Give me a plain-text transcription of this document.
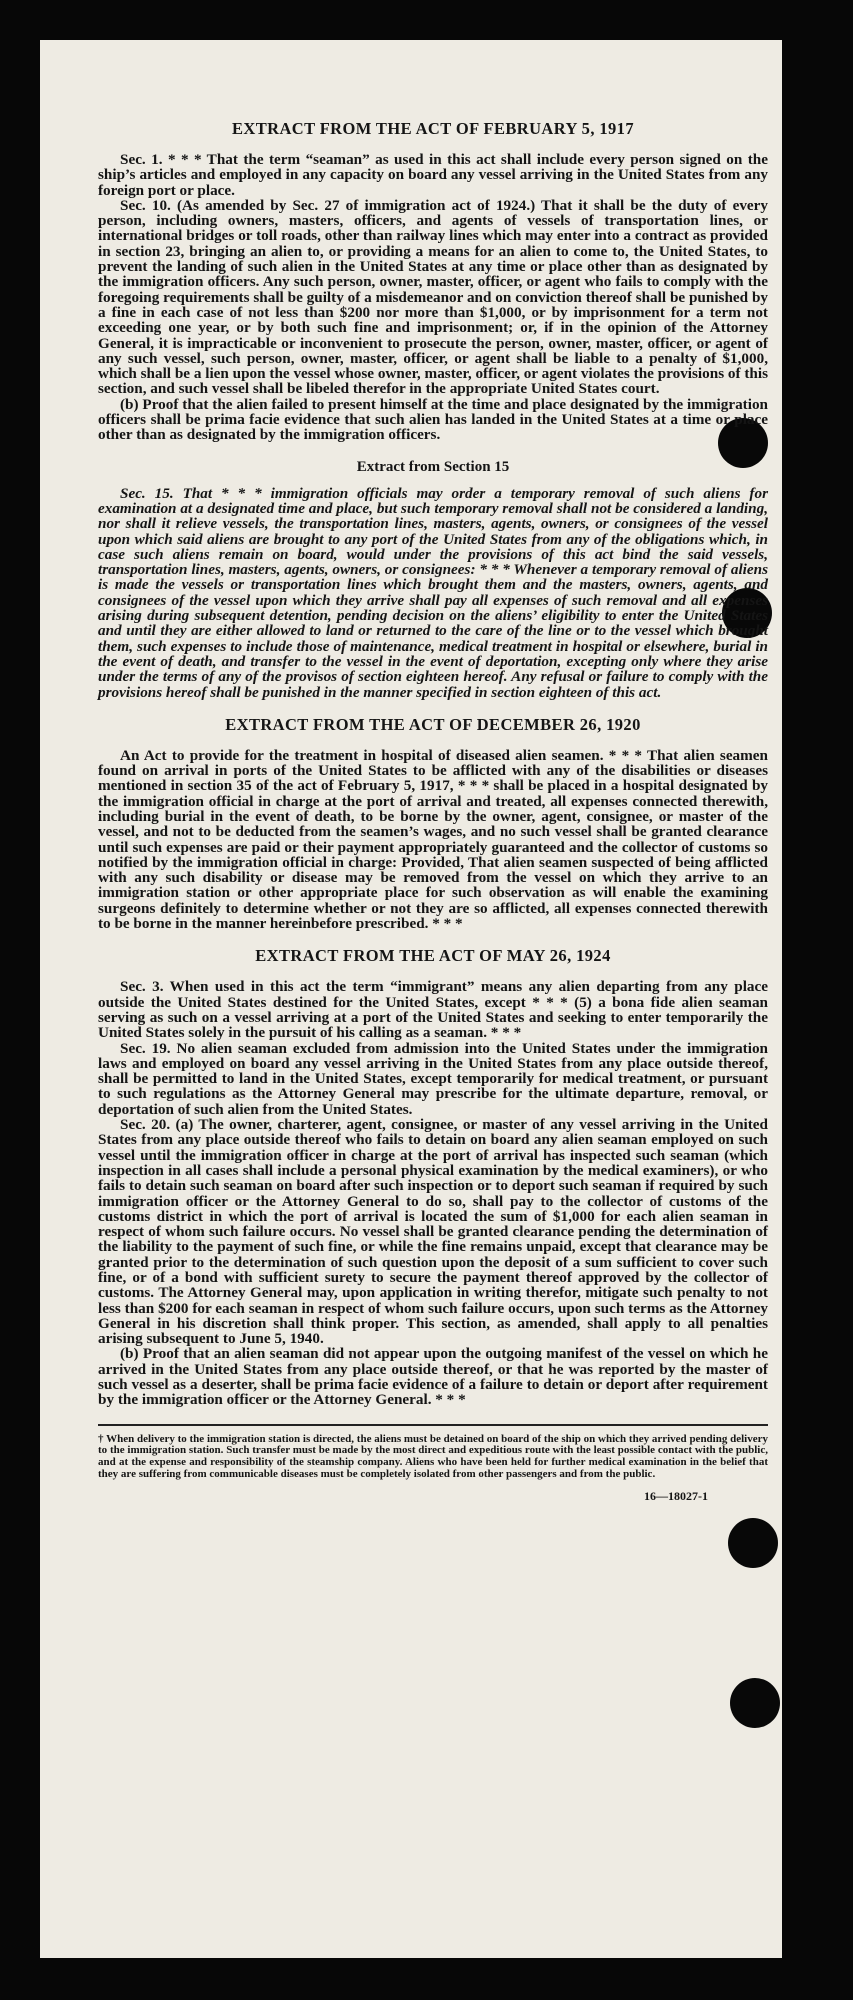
EXTRACT FROM THE ACT OF FEBRUARY 5, 1917

Sec. 1. * * * That the term “seaman” as used in this act shall include every person signed on the ship’s articles and employed in any capacity on board any vessel arriving in the United States from any foreign port or place.

Sec. 10. (As amended by Sec. 27 of immigration act of 1924.) That it shall be the duty of every person, including owners, masters, officers, and agents of vessels of transportation lines, or international bridges or toll roads, other than railway lines which may enter into a contract as provided in section 23, bringing an alien to, or providing a means for an alien to come to, the United States, to prevent the landing of such alien in the United States at any time or place other than as designated by the immigration officers. Any such person, owner, master, officer, or agent who fails to comply with the foregoing requirements shall be guilty of a misdemeanor and on conviction thereof shall be punished by a fine in each case of not less than $200 nor more than $1,000, or by imprisonment for a term not exceeding one year, or by both such fine and imprisonment; or, if in the opinion of the Attorney General, it is impracticable or inconvenient to prosecute the person, owner, master, officer, or agent of any such vessel, such person, owner, master, officer, or agent shall be liable to a penalty of $1,000, which shall be a lien upon the vessel whose owner, master, officer, or agent violates the provisions of this section, and such vessel shall be libeled therefor in the appropriate United States court.

(b) Proof that the alien failed to present himself at the time and place designated by the immigration officers shall be prima facie evidence that such alien has landed in the United States at a time or place other than as designated by the immigration officers.

Extract from Section 15

Sec. 15. That * * * immigration officials may order a temporary removal of such aliens for examination at a designated time and place, but such temporary removal shall not be considered a landing, nor shall it relieve vessels, the transportation lines, masters, agents, owners, or consignees of the vessel upon which said aliens are brought to any port of the United States from any of the obligations which, in case such aliens remain on board, would under the provisions of this act bind the said vessels, transportation lines, masters, agents, owners, or consignees: * * * Whenever a temporary removal of aliens is made the vessels or transportation lines which brought them and the masters, owners, agents, and consignees of the vessel upon which they arrive shall pay all expenses of such removal and all expenses arising during subsequent detention, pending decision on the aliens’ eligibility to enter the United States and until they are either allowed to land or returned to the care of the line or to the vessel which brought them, such expenses to include those of maintenance, medical treatment in hospital or elsewhere, burial in the event of death, and transfer to the vessel in the event of deportation, excepting only where they arise under the terms of any of the provisos of section eighteen hereof. Any refusal or failure to comply with the provisions hereof shall be punished in the manner specified in section eighteen of this act.

EXTRACT FROM THE ACT OF DECEMBER 26, 1920

An Act to provide for the treatment in hospital of diseased alien seamen. * * * That alien seamen found on arrival in ports of the United States to be afflicted with any of the disabilities or diseases mentioned in section 35 of the act of February 5, 1917, * * * shall be placed in a hospital designated by the immigration official in charge at the port of arrival and treated, all expenses connected therewith, including burial in the event of death, to be borne by the owner, agent, consignee, or master of the vessel, and not to be deducted from the seamen’s wages, and no such vessel shall be granted clearance until such expenses are paid or their payment appropriately guaranteed and the collector of customs so notified by the immigration official in charge: Provided, That alien seamen suspected of being afflicted with any such disability or disease may be removed from the vessel on which they arrive to an immigration station or other appropriate place for such observation as will enable the examining surgeons definitely to determine whether or not they are so afflicted, all expenses connected therewith to be borne in the manner hereinbefore prescribed. * * *

EXTRACT FROM THE ACT OF MAY 26, 1924

Sec. 3. When used in this act the term “immigrant” means any alien departing from any place outside the United States destined for the United States, except * * * (5) a bona fide alien seaman serving as such on a vessel arriving at a port of the United States and seeking to enter temporarily the United States solely in the pursuit of his calling as a seaman. * * *

Sec. 19. No alien seaman excluded from admission into the United States under the immigration laws and employed on board any vessel arriving in the United States from any place outside thereof, shall be permitted to land in the United States, except temporarily for medical treatment, or pursuant to such regulations as the Attorney General may prescribe for the ultimate departure, removal, or deportation of such alien from the United States.

Sec. 20. (a) The owner, charterer, agent, consignee, or master of any vessel arriving in the United States from any place outside thereof who fails to detain on board any alien seaman employed on such vessel until the immigration officer in charge at the port of arrival has inspected such seaman (which inspection in all cases shall include a personal physical examination by the medical examiners), or who fails to detain such seaman on board after such inspection or to deport such seaman if required by such immigration officer or the Attorney General to do so, shall pay to the collector of customs of the customs district in which the port of arrival is located the sum of $1,000 for each alien seaman in respect of whom such failure occurs. No vessel shall be granted clearance pending the determination of the liability to the payment of such fine, or while the fine remains unpaid, except that clearance may be granted prior to the determination of such question upon the deposit of a sum sufficient to cover such fine, or of a bond with sufficient surety to secure the payment thereof approved by the collector of customs. The Attorney General may, upon application in writing therefor, mitigate such penalty to not less than $200 for each seaman in respect of whom such failure occurs, upon such terms as the Attorney General in his discretion shall think proper. This section, as amended, shall apply to all penalties arising subsequent to June 5, 1940.

(b) Proof that an alien seaman did not appear upon the outgoing manifest of the vessel on which he arrived in the United States from any place outside thereof, or that he was reported by the master of such vessel as a deserter, shall be prima facie evidence of a failure to detain or deport after requirement by the immigration officer or the Attorney General. * * *

† When delivery to the immigration station is directed, the aliens must be detained on board of the ship on which they arrived pending delivery to the immigration station. Such transfer must be made by the most direct and expeditious route with the least possible contact with the public, and at the expense and responsibility of the steamship company. Aliens who have been held for further medical examination in the belief that they are suffering from communicable diseases must be completely isolated from other passengers and from the public.
16—18027-1
